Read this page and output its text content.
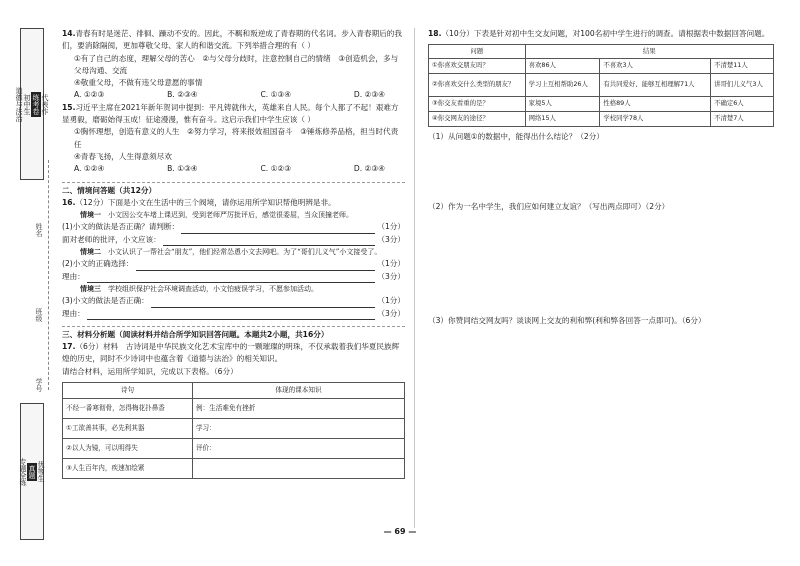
代表作
练考卷
初中生
道德与法治
姓名
班级
学号
优等生
真题
专题全练
14.青春有时是迷茫、徘徊、躁动不安的。因此，不羁和叛逆成了青春期的代名词。步入青春期后的我们，要消除隔阂，更加尊敬父母、家人的和谐交流。下列举措合理的有（ ）
①有了自己的态度，理解父母的苦心　 ②与父母分歧时，注意控制自己的情绪　 ③创造机会，多与父母沟通、交流
④敬重父母，不做有违父母意愿的事情
A. ①②③	B. ②③④	C. ①③④	D. ②③④
15.习近平主席在2021年新年贺词中提到：平凡铸就伟大，英雄来自人民。每个人都了不起！艰难方显勇毅，磨砺始得玉成！征途漫漫，惟有奋斗。这启示我们中学生应该（ ）
①胸怀理想，创造有意义的人生　 ②努力学习，将来报效祖国奋斗　 ③锤炼修养品格，担当时代责任
④青春飞扬，人生得意须尽欢
A. ①②④	B. ①③④	C. ①②③	D. ②③④
二、情境问答题（共12分）
16.（12分）下面是小文在生活中的三个阀境，请你运用所学知识帮他明辨是非。
情境一　 小文因公交车堵上课迟到，受到老师严厉批评后，感觉很委屈，当众顶撞老师。
(1)小文的做法是否正确？请判断：	（1分）
面对老师的批评，小文应该：	（3分）
情境二　 小文认识了一帮社会“朋友”，他们经常怂恿小文去网吧。为了“哥们儿义气”小文接受了。
(2)小文的正确选择：	（1分）
理由：	（3分）
情境三　 学校组织保护社会环境调查活动，小文怕疲误学习，不愿参加活动。
(3)小文的做法是否正确：	（1分）
理由：	（3分）
三、材料分析题（阅读材料并结合所学知识回答问题。本题共2小题，共16分）
17.（6分）材料　古诗词是中华民族文化艺术宝库中的一颗璀璨的明珠，不仅承载着我们华夏民族辉煌的历史，同时不少诗词中也蕴含着《道德与法治》的相关知识。
请结合材料，运用所学知识，完成以下表格。（6分）
诗句	体现的课本知识
不经一番寒彻骨，怎得梅花扑鼻香	例：生活难免有挫折
①工欲善其事，必先利其器	学习：
②以人为镜，可以明得失	评价：
③人生百年内，疾速加绘紧	
18.（10分）下表是针对初中生交友问题，对100名初中学生进行的调查。请根据表中数据回答问题。
问题	结果		
①你喜欢交朋友吗？	喜欢86人	不喜欢3人	不清楚11人
②你喜欢交什么类型的朋友？	学习上互相帮助26人	有共同爱好、能够互相理解71人	讲哥们儿义气3人
③你交友看重的是？	家境5人	性格89人	不确定6人
④你交网友的途径？	网络15人	学校同学78人	不清楚7人
（1）从问题①的数据中，能得出什么结论？（2分）
（2）作为一名中学生，我们应如何建立友谊？（写出两点即可）（2分）
（3）你赞同结交网友吗？谈谈网上交友的利和弊(利和弊各回答一点即可)。（6分）
— 69 —
